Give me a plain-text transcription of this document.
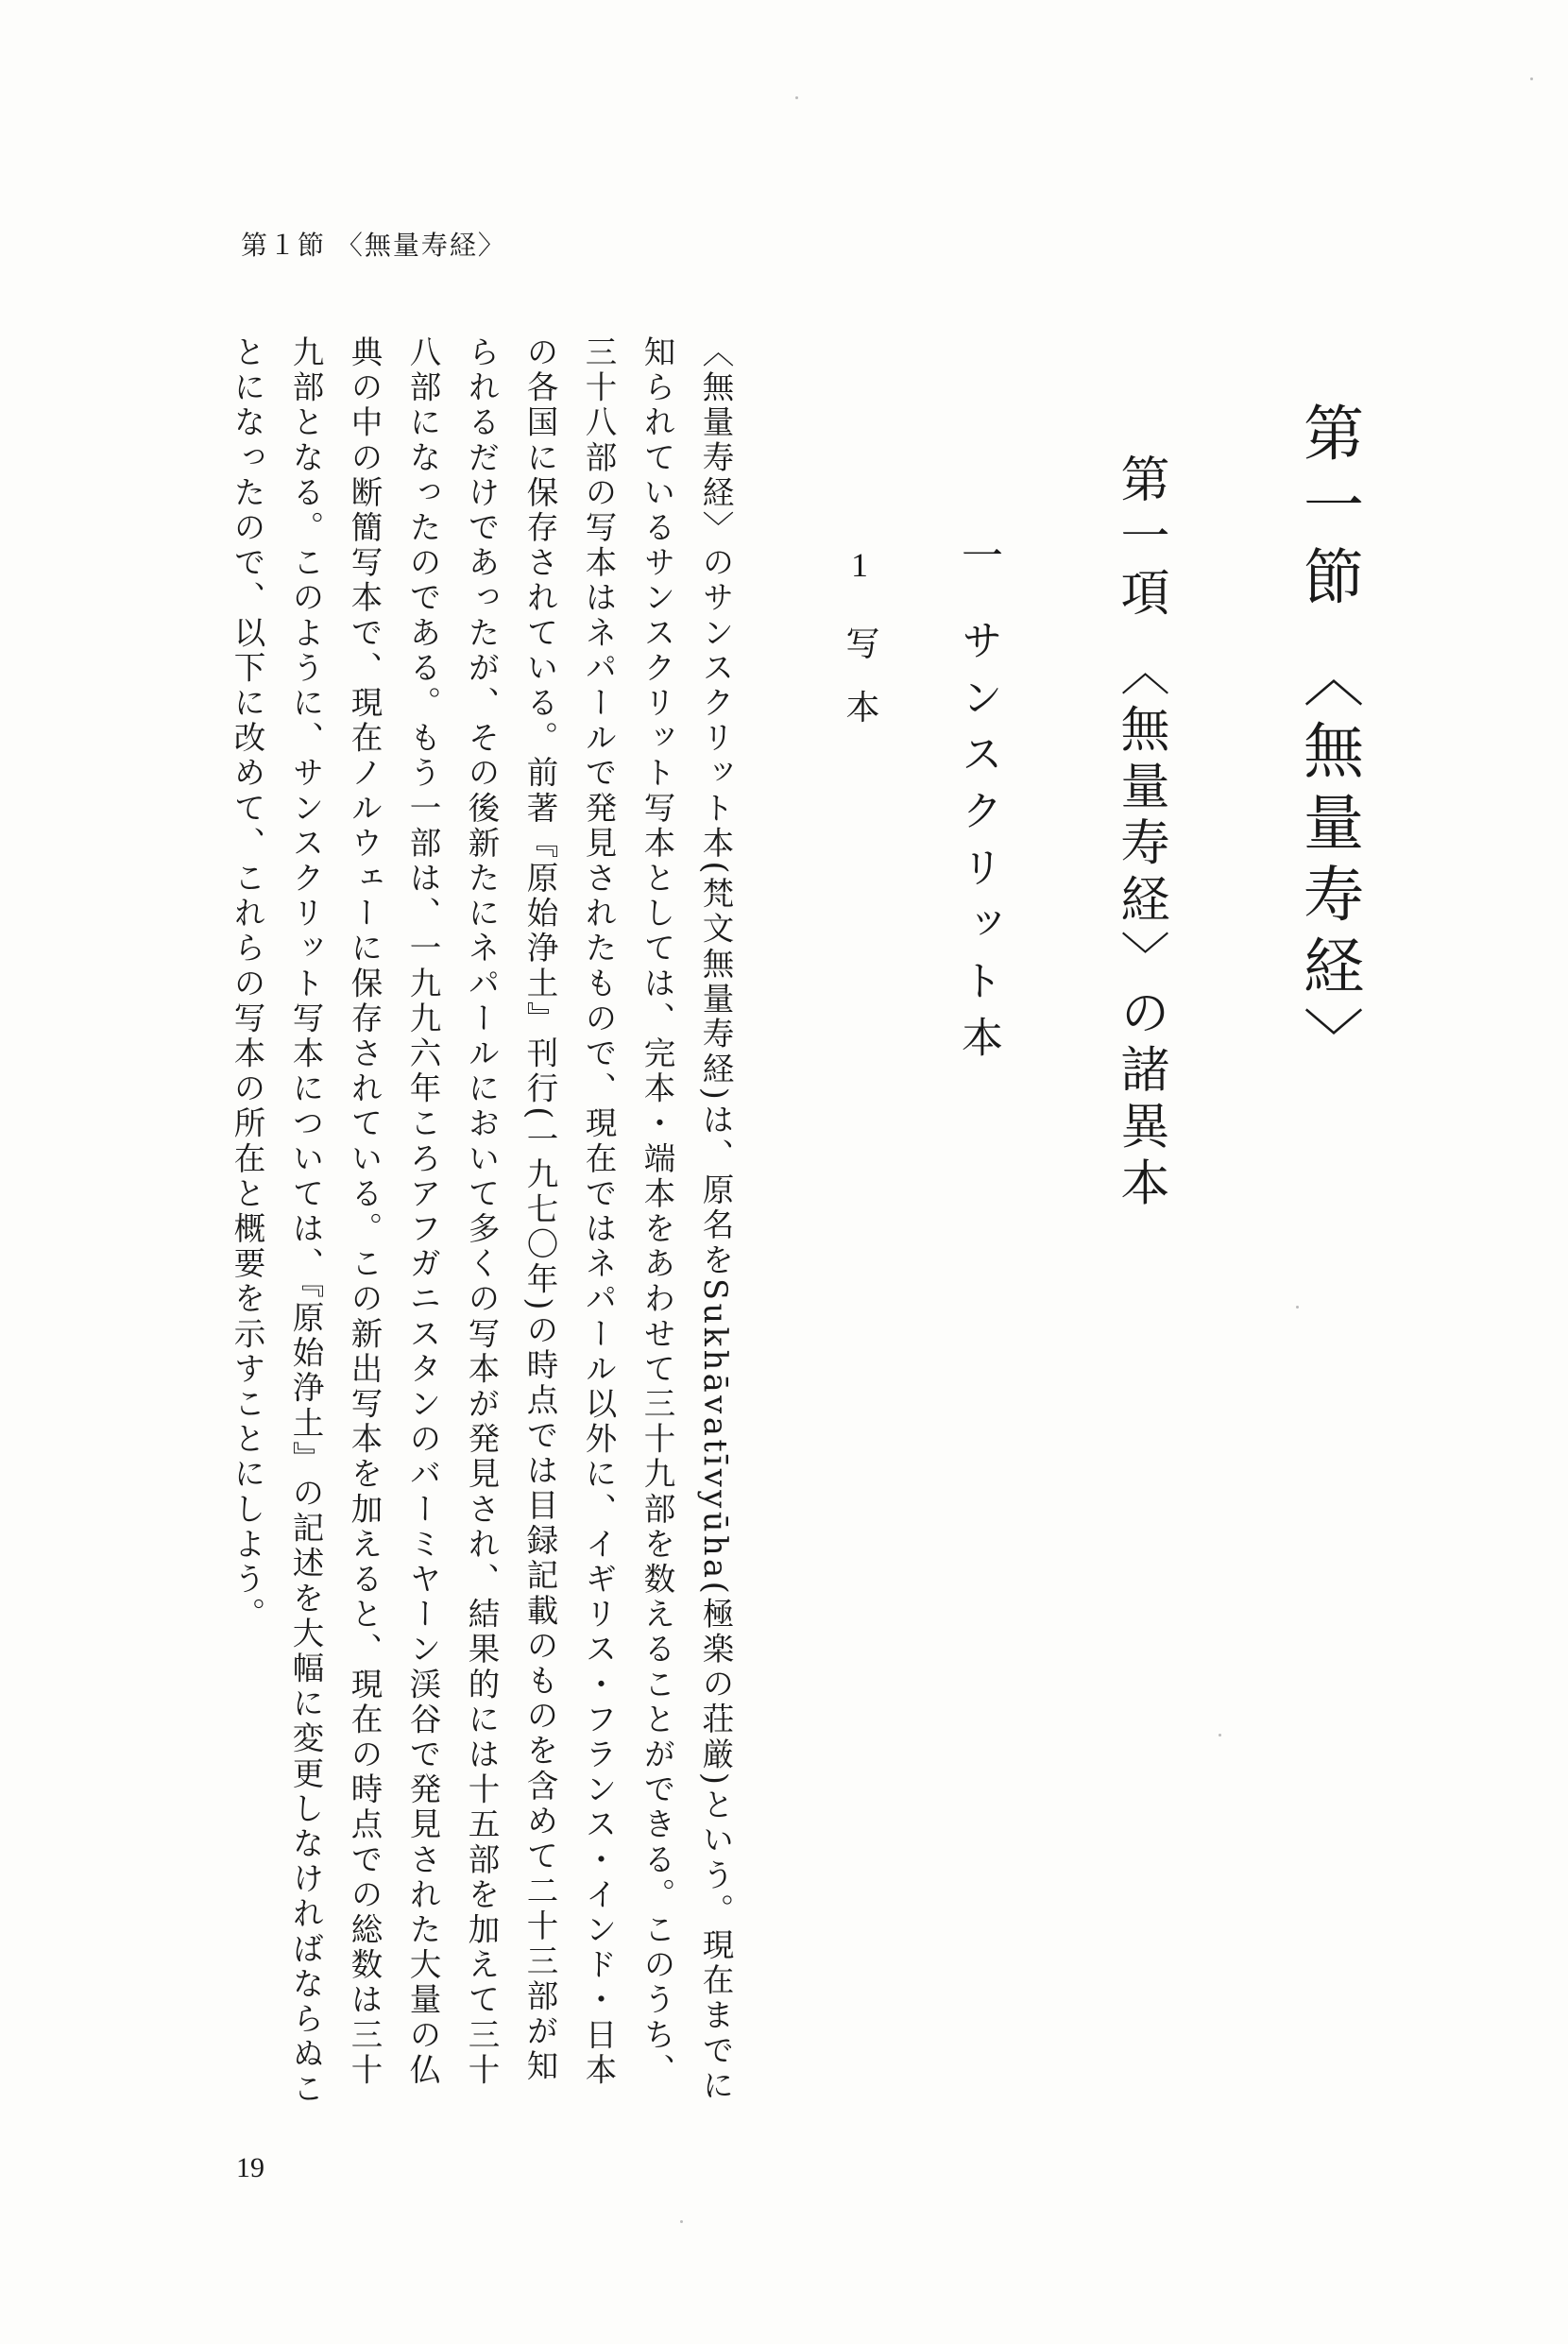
第１節 〈無量寿経〉
第一節 〈無量寿経〉
第一項 〈無量寿経〉の諸異本
一 サンスクリット本
1　写 本

〈無量寿経〉のサンスクリット本(梵文無量寿経)は、原名をSukhāvatīvyūha(極楽の荘厳)という。現在までに知られているサンスクリット写本としては、完本・端本をあわせて三十九部を数えることができる。このうち、三十八部の写本はネパールで発見されたもので、現在ではネパール以外に、イギリス・フランス・インド・日本の各国に保存されている。前著『原始浄土』刊行(一九七〇年)の時点では目録記載のものを含めて二十三部が知られるだけであったが、その後新たにネパールにおいて多くの写本が発見され、結果的には十五部を加えて三十八部になったのである。もう一部は、一九九六年ころアフガニスタンのバーミヤーン渓谷で発見された大量の仏典の中の断簡写本で、現在ノルウェーに保存されている。この新出写本を加えると、現在の時点での総数は三十九部となる。このように、サンスクリット写本については、『原始浄土』の記述を大幅に変更しなければならぬことになったので、以下に改めて、これらの写本の所在と概要を示すことにしよう。

19
